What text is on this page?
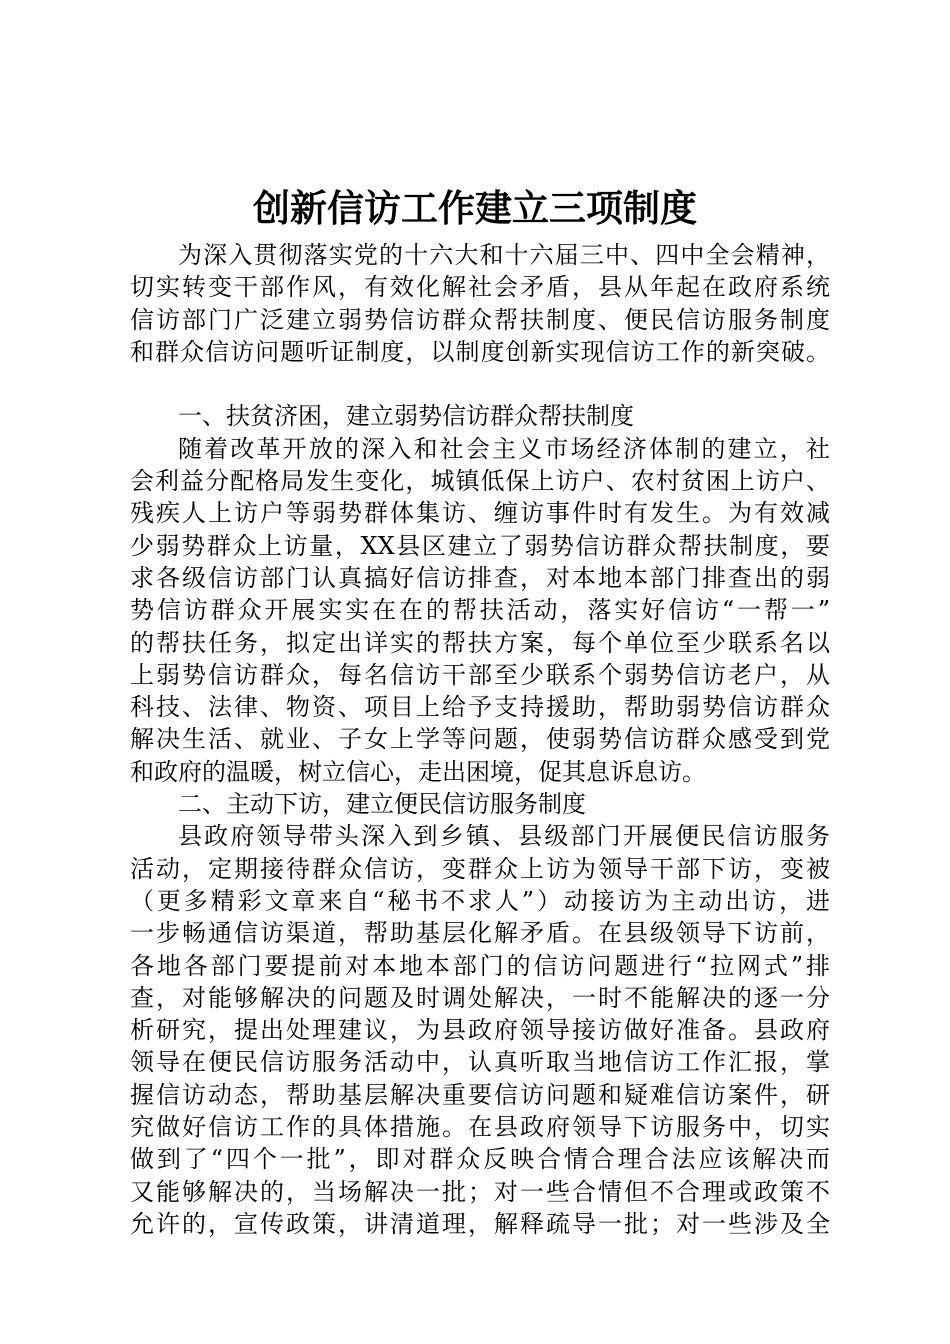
创新信访工作建立三项制度
为深入贯彻落实党的十六大和十六届三中、四中全会精神，
切实转变干部作风，有效化解社会矛盾，县从年起在政府系统
信访部门广泛建立弱势信访群众帮扶制度、便民信访服务制度
和群众信访问题听证制度，以制度创新实现信访工作的新突破。
一、扶贫济困，建立弱势信访群众帮扶制度
随着改革开放的深入和社会主义市场经济体制的建立，社
会利益分配格局发生变化，城镇低保上访户、农村贫困上访户、
残疾人上访户等弱势群体集访、缠访事件时有发生。为有效减
少弱势群众上访量，XX县区建立了弱势信访群众帮扶制度，要
求各级信访部门认真搞好信访排查，对本地本部门排查出的弱
势信访群众开展实实在在的帮扶活动，落实好信访“一帮一”
的帮扶任务，拟定出详实的帮扶方案，每个单位至少联系名以
上弱势信访群众，每名信访干部至少联系个弱势信访老户，从
科技、法律、物资、项目上给予支持援助，帮助弱势信访群众
解决生活、就业、子女上学等问题，使弱势信访群众感受到党
和政府的温暖，树立信心，走出困境，促其息诉息访。
二、主动下访，建立便民信访服务制度
县政府领导带头深入到乡镇、县级部门开展便民信访服务
活动，定期接待群众信访，变群众上访为领导干部下访，变被
（更多精彩文章来自“秘书不求人”）动接访为主动出访，进
一步畅通信访渠道，帮助基层化解矛盾。在县级领导下访前，
各地各部门要提前对本地本部门的信访问题进行“拉网式”排
查，对能够解决的问题及时调处解决，一时不能解决的逐一分
析研究，提出处理建议，为县政府领导接访做好准备。县政府
领导在便民信访服务活动中，认真听取当地信访工作汇报，掌
握信访动态，帮助基层解决重要信访问题和疑难信访案件，研
究做好信访工作的具体措施。在县政府领导下访服务中，切实
做到了“四个一批”，即对群众反映合情合理合法应该解决而
又能够解决的，当场解决一批；对一些合情但不合理或政策不
允许的，宣传政策，讲清道理，解释疏导一批；对一些涉及全
